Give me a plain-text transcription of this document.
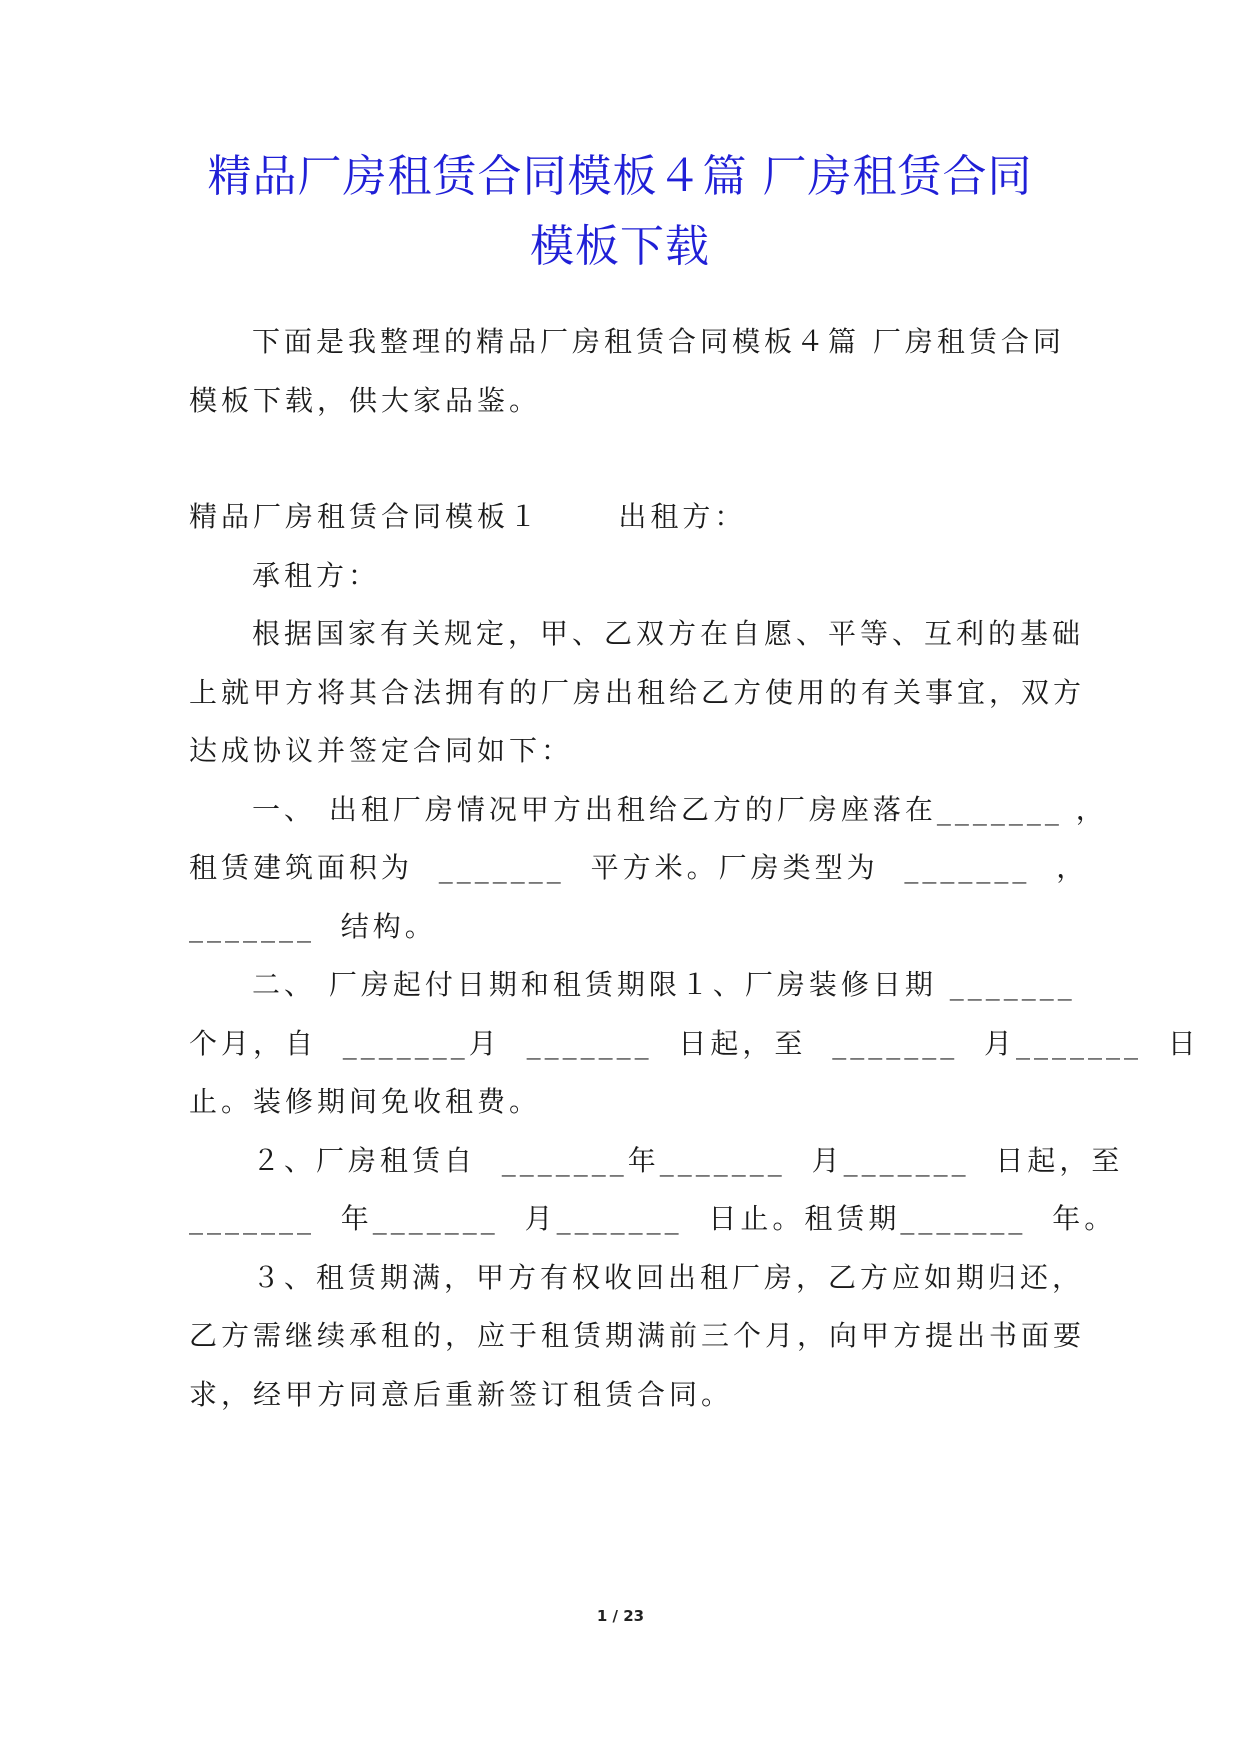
精品厂房租赁合同模板４篇 厂房租赁合同
模板下载
下面是我整理的精品厂房租赁合同模板４篇 厂房租赁合同
模板下载，供大家品鉴。
精品厂房租赁合同模板１      出租方：
承租方：
根据国家有关规定，甲、乙双方在自愿、平等、互利的基础
上就甲方将其合法拥有的厂房出租给乙方使用的有关事宜，双方
达成协议并签定合同如下：
一、 出租厂房情况甲方出租给乙方的厂房座落在_______ ，
租赁建筑面积为  _______  平方米。厂房类型为  _______  ，
_______  结构。
二、 厂房起付日期和租赁期限１、厂房装修日期 _______
个月，自  _______月  _______  日起，至  _______  月_______  日
止。装修期间免收租费。
２、厂房租赁自  _______年_______  月_______  日起，至
_______  年_______  月_______  日止。租赁期_______  年。
３、租赁期满，甲方有权收回出租厂房，乙方应如期归还，
乙方需继续承租的，应于租赁期满前三个月，向甲方提出书面要
求，经甲方同意后重新签订租赁合同。
1 / 23
